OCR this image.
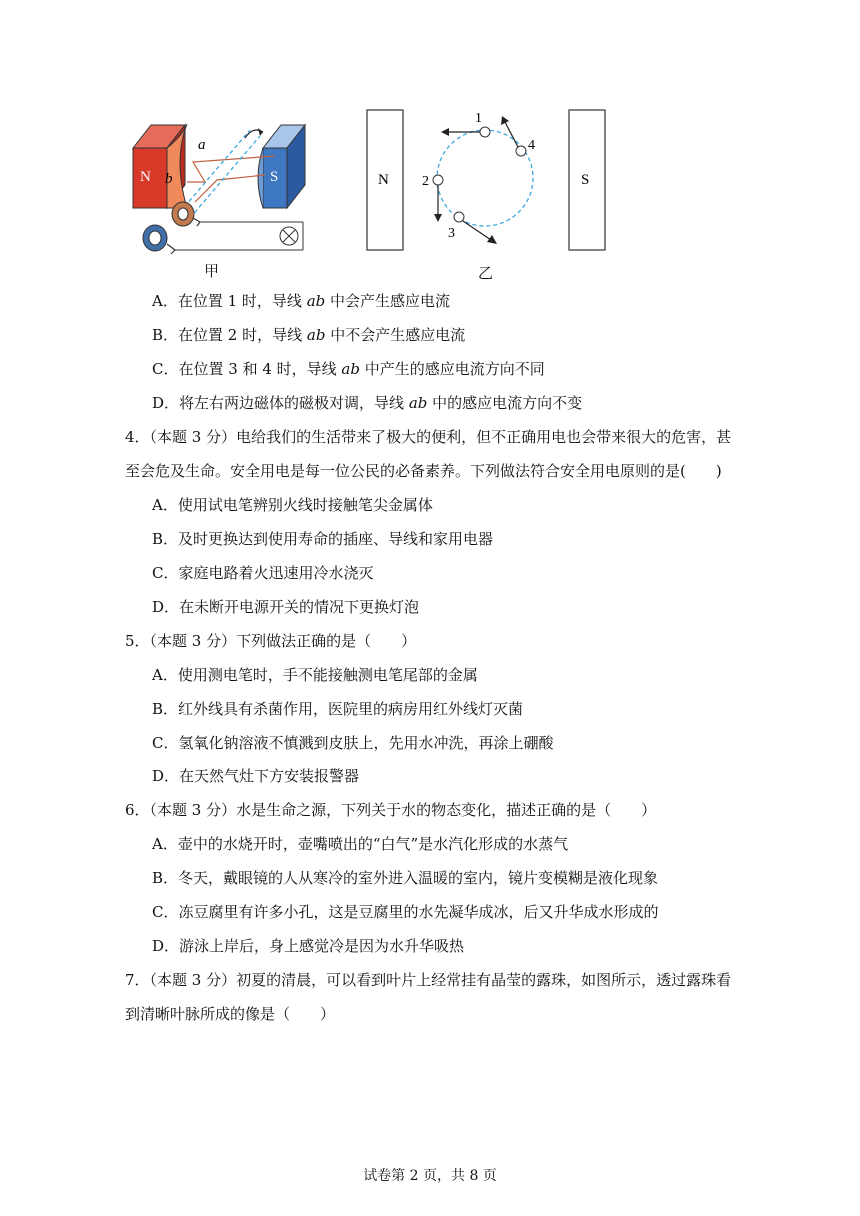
N	S
a
b	N	S
1
2
3
4
甲	乙
A．在位置 1 时，导线 ab 中会产生感应电流
B．在位置 2 时，导线 ab 中不会产生感应电流
C．在位置 3 和 4 时，导线 ab 中产生的感应电流方向不同
D．将左右两边磁体的磁极对调，导线 ab 中的感应电流方向不变
4．（本题 3 分）电给我们的生活带来了极大的便利，但不正确用电也会带来很大的危害，甚
至会危及生命。安全用电是每一位公民的必备素养。下列做法符合安全用电原则的是(　　)
A．使用试电笔辨别火线时接触笔尖金属体
B．及时更换达到使用寿命的插座、导线和家用电器
C．家庭电路着火迅速用冷水浇灭
D．在未断开电源开关的情况下更换灯泡
5．（本题 3 分）下列做法正确的是（　　）
A．使用测电笔时，手不能接触测电笔尾部的金属
B．红外线具有杀菌作用，医院里的病房用红外线灯灭菌
C．氢氧化钠溶液不慎溅到皮肤上，先用水冲洗，再涂上硼酸
D．在天然气灶下方安装报警器
6．（本题 3 分）水是生命之源，下列关于水的物态变化，描述正确的是（　　）
A．壶中的水烧开时，壶嘴喷出的“白气”是水汽化形成的水蒸气
B．冬天，戴眼镜的人从寒冷的室外进入温暖的室内，镜片变模糊是液化现象
C．冻豆腐里有许多小孔，这是豆腐里的水先凝华成冰，后又升华成水形成的
D．游泳上岸后，身上感觉冷是因为水升华吸热
7．（本题 3 分）初夏的清晨，可以看到叶片上经常挂有晶莹的露珠，如图所示，透过露珠看
到清晰叶脉所成的像是（　　）
试卷第 2 页，共 8 页
